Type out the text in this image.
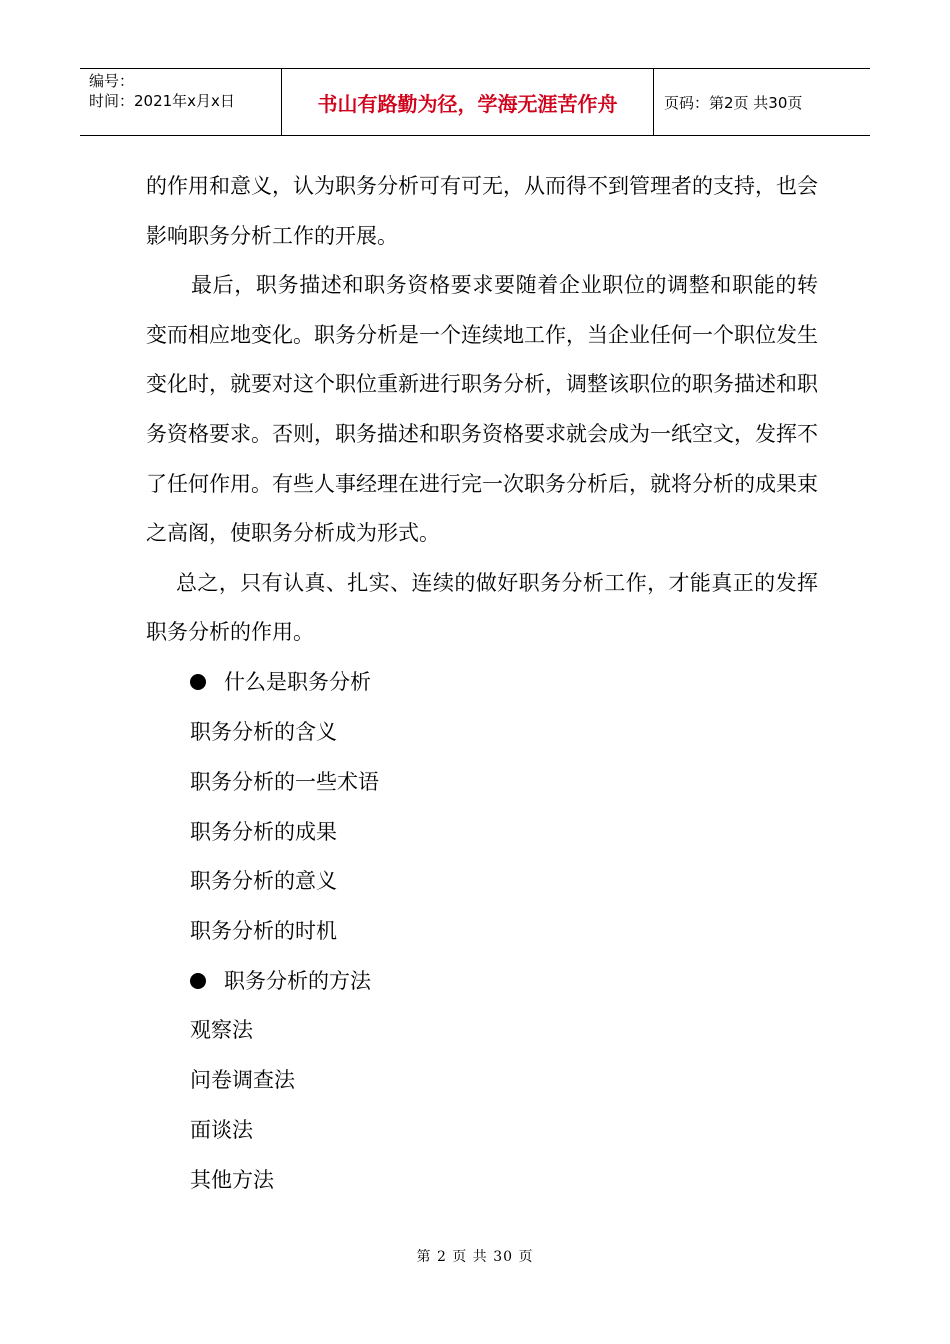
编号：
时间：2021年x月x日	书山有路勤为径，学海无涯苦作舟	页码：第2页 共30页

的作用和意义，认为职务分析可有可无，从而得不到管理者的支持，也会影响职务分析工作的开展。

最后，职务描述和职务资格要求要随着企业职位的调整和职能的转变而相应地变化。职务分析是一个连续地工作，当企业任何一个职位发生变化时，就要对这个职位重新进行职务分析，调整该职位的职务描述和职务资格要求。否则，职务描述和职务资格要求就会成为一纸空文，发挥不了任何作用。有些人事经理在进行完一次职务分析后，就将分析的成果束之高阁，使职务分析成为形式。

总之，只有认真、扎实、连续的做好职务分析工作，才能真正的发挥职务分析的作用。

什么是职务分析
职务分析的含义
职务分析的一些术语
职务分析的成果
职务分析的意义
职务分析的时机
职务分析的方法
观察法
问卷调查法
面谈法
其他方法
第 2 页 共 30 页
